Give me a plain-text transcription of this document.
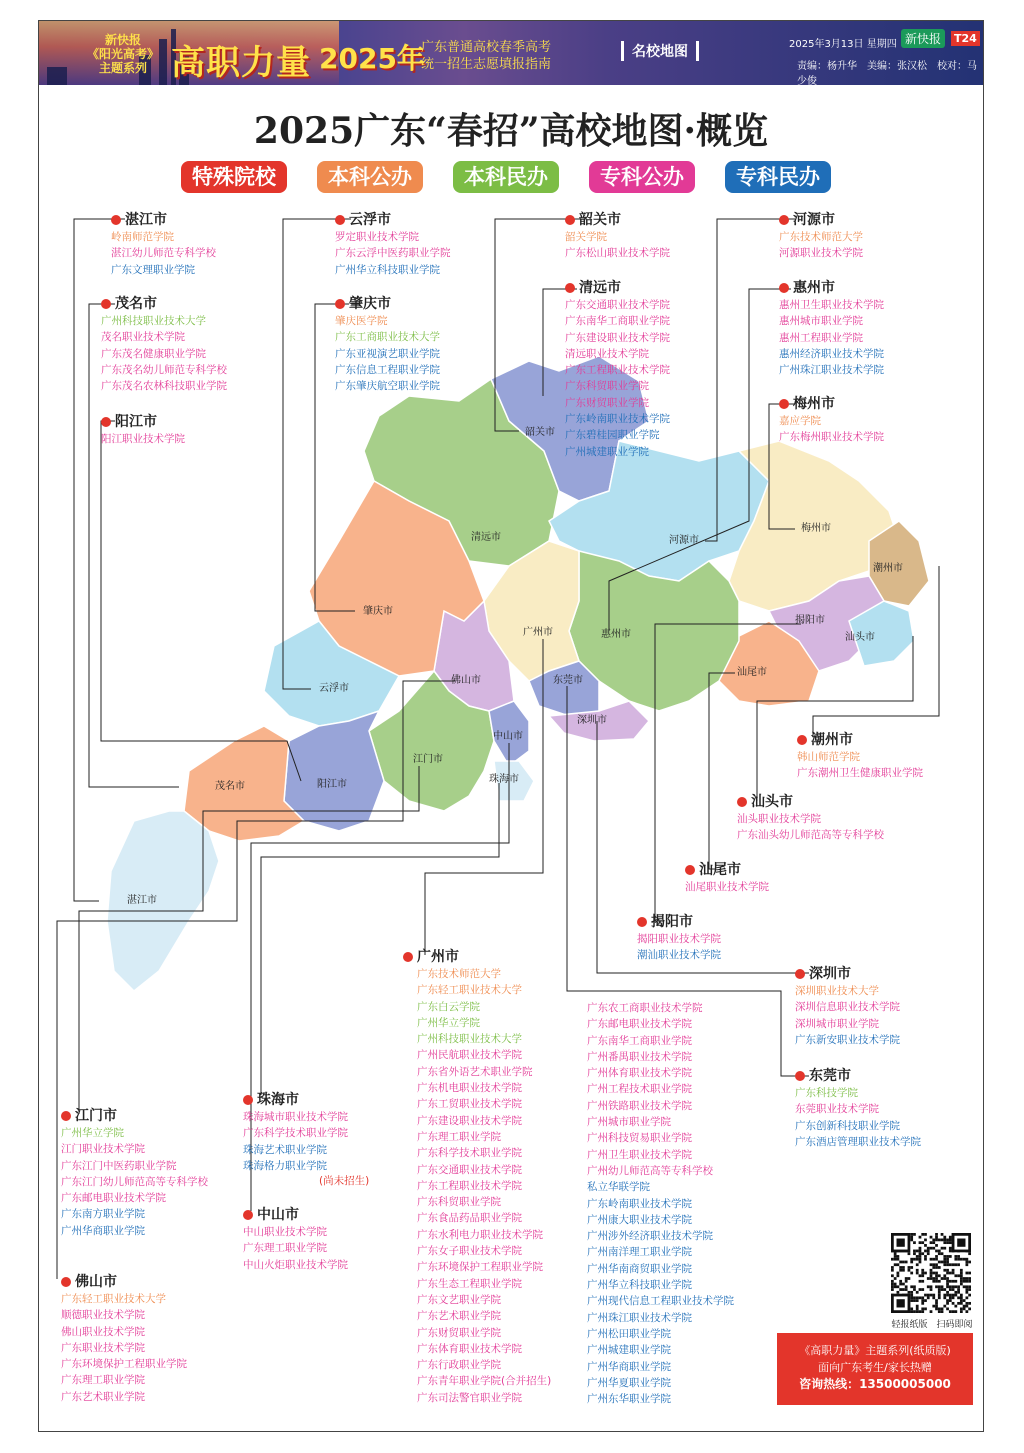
新快报
《阳光高考》
主题系列 高职力量 2025年
广东普通高校春季高考
统一招生志愿填报指南
名校地图	2025年3月13日 星期四 新快报	T24
责编：杨升华　美编：张汉松　校对：马少俊
2025广东“春招”高校地图·概览
特殊院校	本科公办	本科民办	专科公办	专科民办
韶关市
清远市	河源市
梅州市
潮州市
汕头市
揭阳市
汕尾市
惠州市
广州市
东莞市
深圳市
佛山市
肇庆市
云浮市
江门市
中山市
珠海市
阳江市
茂名市
湛江市
湛江市
岭南师范学院
湛江幼儿师范专科学校
广东文理职业学院
茂名市
广州科技职业技术大学
茂名职业技术学院
广东茂名健康职业学院
广东茂名幼儿师范专科学校
广东茂名农林科技职业学院
阳江市
阳江职业技术学院
云浮市
罗定职业技术学院
广东云浮中医药职业学院
广州华立科技职业学院
肇庆市
肇庆医学院
广东工商职业技术大学
广东亚视演艺职业学院
广东信息工程职业学院
广东肇庆航空职业学院
韶关市
韶关学院
广东松山职业技术学院
清远市
广东交通职业技术学院
广东南华工商职业学院
广东建设职业技术学院
清远职业技术学院
广东工程职业技术学院
广东科贸职业学院
广东财贸职业学院
广东岭南职业技术学院
广东碧桂园职业学院
广州城建职业学院
河源市
广东技术师范大学
河源职业技术学院
惠州市
惠州卫生职业技术学院
惠州城市职业学院
惠州工程职业学院
惠州经济职业技术学院
广州珠江职业技术学院
梅州市
嘉应学院
广东梅州职业技术学院
潮州市
韩山师范学院
广东潮州卫生健康职业学院
汕头市
汕头职业技术学院
广东汕头幼儿师范高等专科学校
汕尾市
汕尾职业技术学院
揭阳市
揭阳职业技术学院
潮汕职业技术学院
深圳市
深圳职业技术大学
深圳信息职业技术学院
深圳城市职业学院
广东新安职业技术学院
东莞市
广东科技学院
东莞职业技术学院
广东创新科技职业学院
广东酒店管理职业技术学院
珠海市
珠海城市职业技术学院
广东科学技术职业学院
珠海艺术职业学院
珠海格力职业学院
(尚未招生)
中山市
中山职业技术学院
广东理工职业学院
中山火炬职业技术学院
江门市
广州华立学院
江门职业技术学院
广东江门中医药职业学院
广东江门幼儿师范高等专科学校
广东邮电职业技术学院
广东南方职业学院
广州华商职业学院
佛山市
广东轻工职业技术大学
顺德职业技术学院
佛山职业技术学院
广东职业技术学院
广东环境保护工程职业学院
广东理工职业学院
广东艺术职业学院
广州市
广东技术师范大学
广东轻工职业技术大学
广东白云学院
广州华立学院
广州科技职业技术大学
广州民航职业技术学院
广东省外语艺术职业学院
广东机电职业技术学院
广东工贸职业技术学院
广东建设职业技术学院
广东理工职业学院
广东科学技术职业学院
广东交通职业技术学院
广东工程职业技术学院
广东科贸职业学院
广东食品药品职业学院
广东水利电力职业技术学院
广东女子职业技术学院
广东环境保护工程职业学院
广东生态工程职业学院
广东文艺职业学院
广东艺术职业学院
广东财贸职业学院
广东体育职业技术学院
广东行政职业学院
广东青年职业学院(合并招生)
广东司法警官职业学院
广东农工商职业技术学院
广东邮电职业技术学院
广东南华工商职业学院
广州番禺职业技术学院
广州体育职业技术学院
广州工程技术职业学院
广州铁路职业技术学院
广州城市职业学院
广州科技贸易职业学院
广州卫生职业技术学院
广州幼儿师范高等专科学校
私立华联学院
广东岭南职业技术学院
广州康大职业技术学院
广州涉外经济职业技术学院
广州南洋理工职业学院
广州华南商贸职业学院
广州华立科技职业学院
广州现代信息工程职业技术学院
广州珠江职业技术学院
广州松田职业学院
广州城建职业学院
广州华商职业学院
广州华夏职业学院
广州东华职业学院
轻报纸版　扫码即阅
《高职力量》主题系列(纸质版)
面向广东考生/家长热赠
咨询热线：13500005000
